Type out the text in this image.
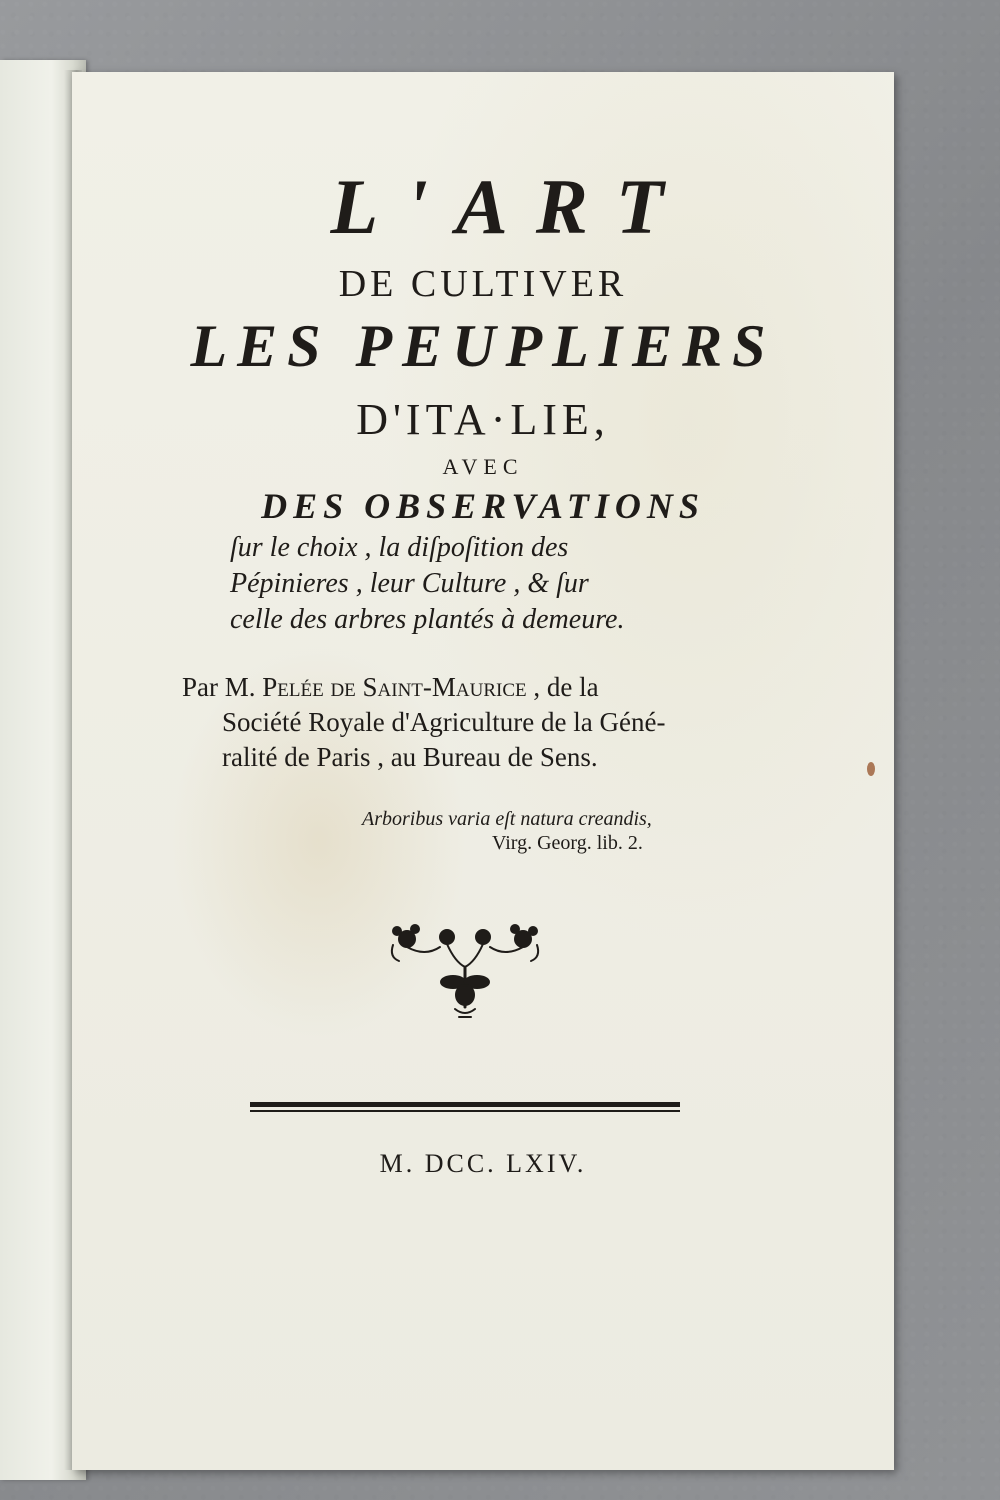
L'ART
DE CULTIVER
LES PEUPLIERS
D'ITA·LIE,
AVEC
DES OBSERVATIONS
ſur le choix , la diſpoſition des
Pépinieres , leur Culture , & ſur
celle des arbres plantés à demeure.
Par M. Pelée de Saint-Maurice , de la
Société Royale d'Agriculture de la Géné-
ralité de Paris , au Bureau de Sens.
Arboribus varia eſt natura creandis,
Virg. Georg. lib. 2.
M. DCC. LXIV.
